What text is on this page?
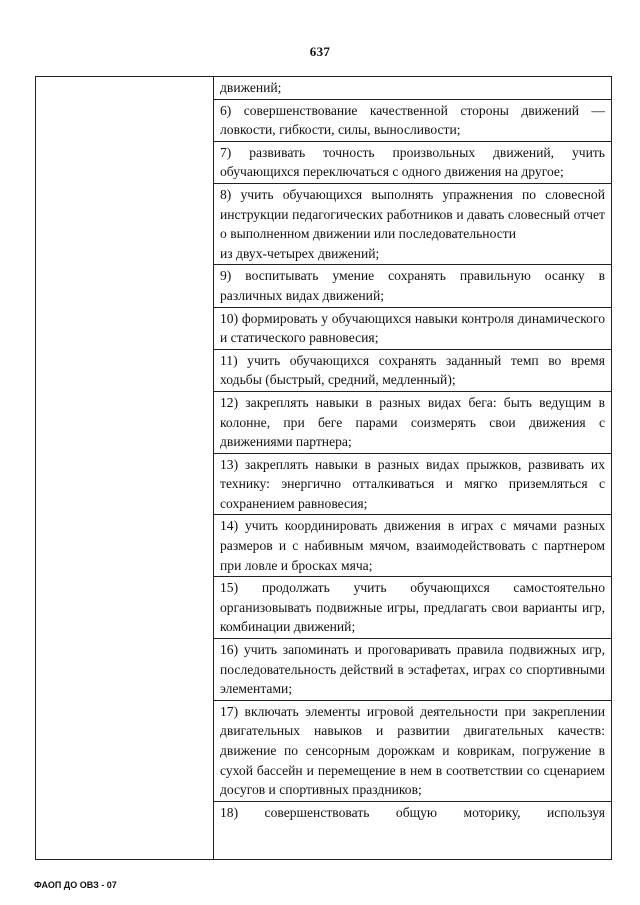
637

движений;
6) совершенствование качественной стороны движений — ловкости, гибкости, силы, выносливости;
7) развивать точность произвольных движений, учить обучающихся переключаться с одного движения на другое;
8) учить обучающихся выполнять упражнения по словесной инструкции педагогических работников и давать словесный отчет о выполненном движении или последовательности
из двух-четырех движений;
9) воспитывать умение сохранять правильную осанку в различных видах движений;
10) формировать у обучающихся навыки контроля динамического и статического равновесия;
11) учить обучающихся сохранять заданный темп во время ходьбы (быстрый, средний, медленный);
12) закреплять навыки в разных видах бега: быть ведущим в колонне, при беге парами соизмерять свои движения с движениями партнера;
13) закреплять навыки в разных видах прыжков, развивать их технику: энергично отталкиваться и мягко приземляться с сохранением равновесия;
14) учить координировать движения в играх с мячами разных размеров и с набивным мячом, взаимодействовать с партнером при ловле и бросках мяча;
15) продолжать учить обучающихся самостоятельно организовывать подвижные игры, предлагать свои варианты игр, комбинации движений;
16) учить запоминать и проговаривать правила подвижных игр, последовательность действий в эстафетах, играх со спортивными элементами;
17) включать элементы игровой деятельности при закреплении двигательных навыков и развитии двигательных качеств: движение по сенсорным дорожкам и коврикам, погружение в сухой бассейн и перемещение в нем в соответствии со сценарием досугов и спортивных праздников;
18) совершенствовать общую моторику, используя
ФАОП ДО ОВЗ - 07
